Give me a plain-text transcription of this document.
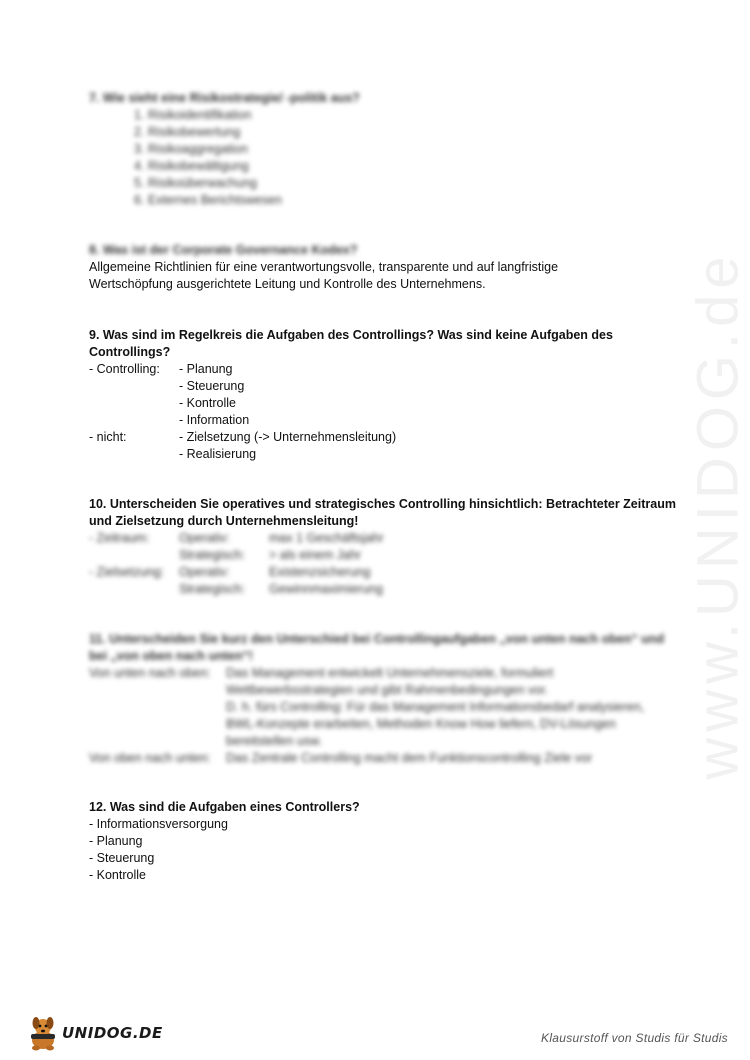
www.UNIDOG.de

7. Wie sieht eine Risikostrategie/ -politik aus?

1. Risikoidentifikation
2. Risikobewertung
3. Risikoaggregation
4. Risikobewältigung
5. Risikoüberwachung
6. Externes Berichtswesen

8. Was ist der Corporate Governance Kodex?

Allgemeine Richtlinien für eine verantwortungsvolle, transparente und auf langfristige

Wertschöpfung ausgerichtete Leitung und Kontrolle des Unternehmens.

9. Was sind im Regelkreis die Aufgaben des Controllings? Was sind keine Aufgaben des

Controllings?

- Controlling:	- Planung
- Steuerung
- Kontrolle
- Information
- nicht:	- Zielsetzung (-> Unternehmensleitung)
- Realisierung

10. Unterscheiden Sie operatives und strategisches Controlling hinsichtlich: Betrachteter Zeitraum

und Zielsetzung durch Unternehmensleitung!

- Zeitraum:	Operativ:	max 1 Geschäftsjahr
Strategisch:	> als einem Jahr
- Zielsetzung:	Operativ:	Existenzsicherung
Strategisch:	Gewinnmaximierung

11. Unterscheiden Sie kurz den Unterschied bei Controllingaufgaben „von unten nach oben“ und

bei „von oben nach unten“!

Von unten nach oben:	Das Management entwickelt Unternehmensziele, formuliert
Wettbewerbsstrategien und gibt Rahmenbedingungen vor.
D. h. fürs Controlling: Für das Management Informationsbedarf analysieren,
BWL-Konzepte erarbeiten, Methoden Know How liefern, DV-Lösungen
bereitstellen usw.
Von oben nach unten:	Das Zentrale Controlling macht dem Funktionscontrolling Ziele vor

12. Was sind die Aufgaben eines Controllers?

- Informationsversorgung
- Planung
- Steuerung
- Kontrolle
UNIDOG.DE	Klausurstoff von Studis für Studis
